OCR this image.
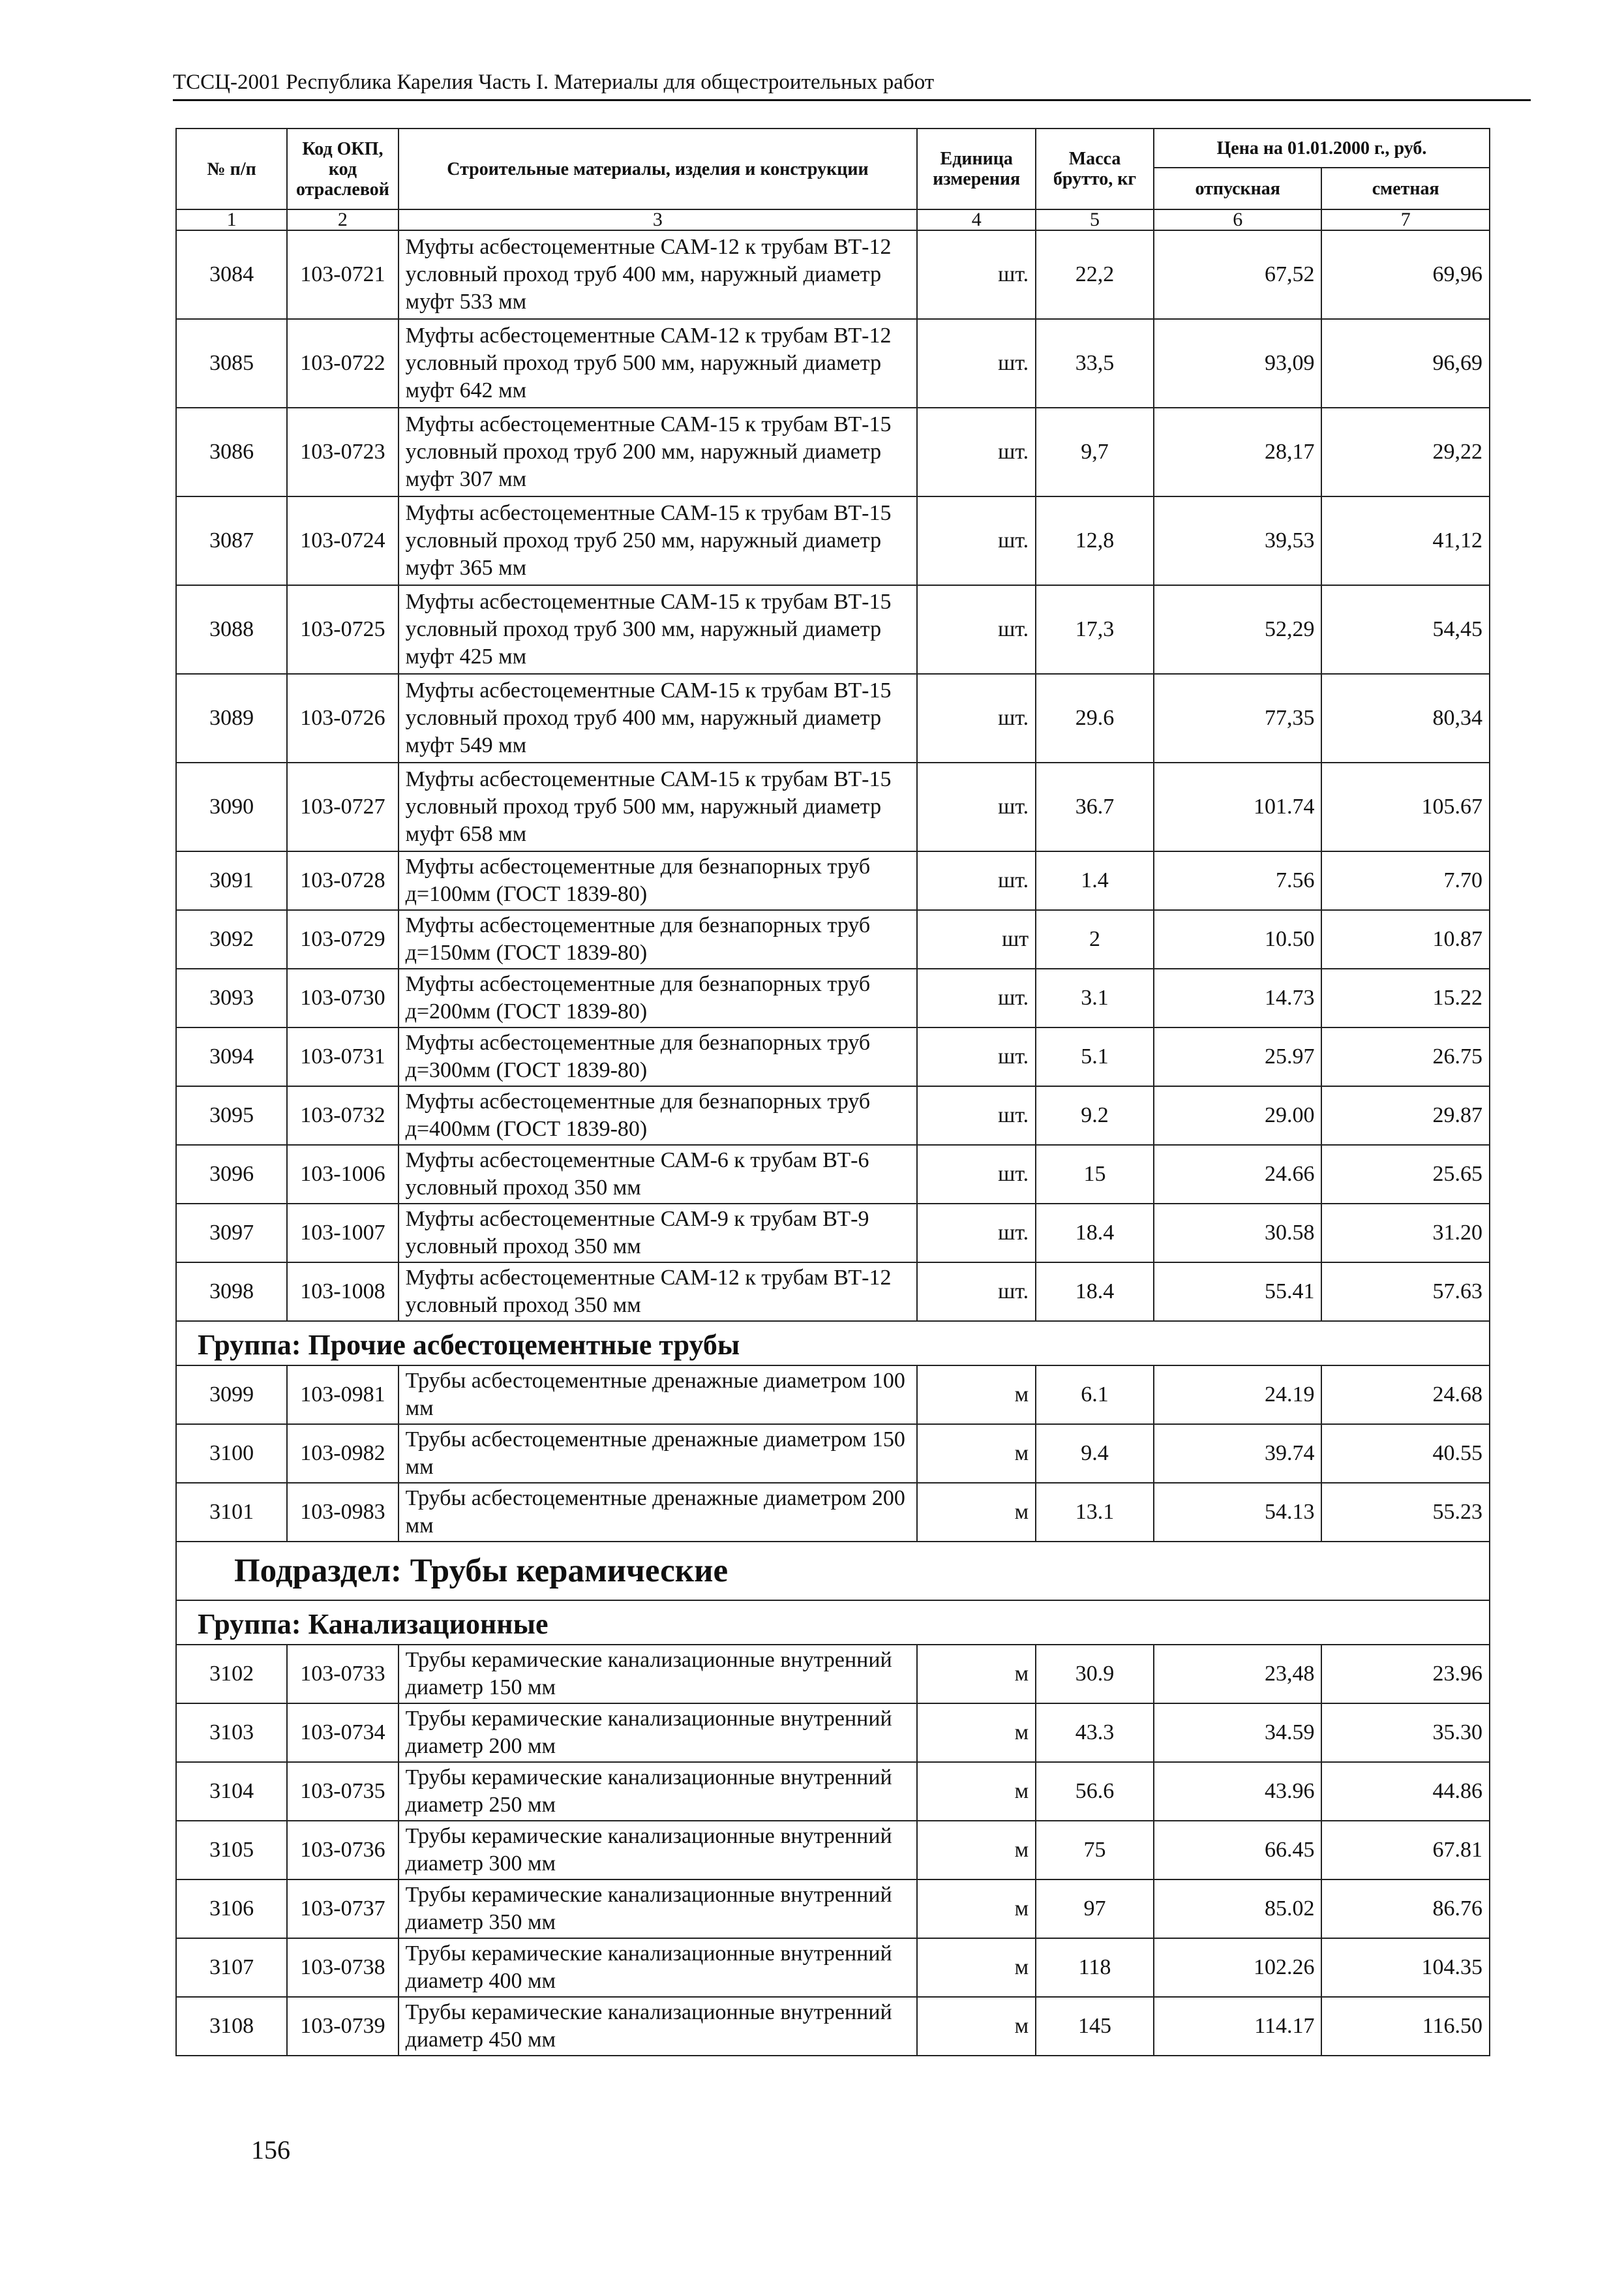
ТССЦ-2001 Республика Карелия Часть I. Материалы для общестроительных работ
№ п/п	Код ОКП, код отраслевой	Строительные материалы, изделия и конструкции	Единица измерения	Масса брутто, кг	Цена на 01.01.2000 г., руб.	
					отпускная	сметная
1	2	3	4	5	6	7
3084	103-0721	Муфты асбестоцементные САМ-12 к трубам ВТ-12 условный проход труб 400 мм, наружный диаметр муфт 533 мм	шт.	22,2	67,52	69,96
3085	103-0722	Муфты асбестоцементные САМ-12 к трубам ВТ-12 условный проход труб 500 мм, наружный диаметр муфт 642 мм	шт.	33,5	93,09	96,69
3086	103-0723	Муфты асбестоцементные САМ-15 к трубам ВТ-15 условный проход труб 200 мм, наружный диаметр муфт 307 мм	шт.	9,7	28,17	29,22
3087	103-0724	Муфты асбестоцементные САМ-15 к трубам ВТ-15 условный проход труб 250 мм, наружный диаметр муфт 365 мм	шт.	12,8	39,53	41,12
3088	103-0725	Муфты асбестоцементные САМ-15 к трубам ВТ-15 условный проход труб 300 мм, наружный диаметр муфт 425 мм	шт.	17,3	52,29	54,45
3089	103-0726	Муфты асбестоцементные САМ-15 к трубам ВТ-15 условный проход труб 400 мм, наружный диаметр муфт 549 мм	шт.	29.6	77,35	80,34
3090	103-0727	Муфты асбестоцементные САМ-15 к трубам ВТ-15 условный проход труб 500 мм, наружный диаметр муфт 658 мм	шт.	36.7	101.74	105.67
3091	103-0728	Муфты асбестоцементные для безнапорных труб д=100мм (ГОСТ 1839-80)	шт.	1.4	7.56	7.70
3092	103-0729	Муфты асбестоцементные для безнапорных труб д=150мм (ГОСТ 1839-80)	шт	2	10.50	10.87
3093	103-0730	Муфты асбестоцементные для безнапорных труб д=200мм (ГОСТ 1839-80)	шт.	3.1	14.73	15.22
3094	103-0731	Муфты асбестоцементные для безнапорных труб д=300мм (ГОСТ 1839-80)	шт.	5.1	25.97	26.75
3095	103-0732	Муфты асбестоцементные для безнапорных труб д=400мм (ГОСТ 1839-80)	шт.	9.2	29.00	29.87
3096	103-1006	Муфты асбестоцементные САМ-6 к трубам ВТ-6 условный проход 350 мм	шт.	15	24.66	25.65
3097	103-1007	Муфты асбестоцементные САМ-9 к трубам ВТ-9 условный проход 350 мм	шт.	18.4	30.58	31.20
3098	103-1008	Муфты асбестоцементные САМ-12 к трубам ВТ-12 условный проход 350 мм	шт.	18.4	55.41	57.63
Группа: Прочие асбестоцементные трубы						
3099	103-0981	Трубы асбестоцементные дренажные диаметром 100 мм	м	6.1	24.19	24.68
3100	103-0982	Трубы асбестоцементные дренажные диаметром 150 мм	м	9.4	39.74	40.55
3101	103-0983	Трубы асбестоцементные дренажные диаметром 200 мм	м	13.1	54.13	55.23
Подраздел: Трубы керамические						
Группа: Канализационные						
3102	103-0733	Трубы керамические канализационные внутренний диаметр 150 мм	м	30.9	23,48	23.96
3103	103-0734	Трубы керамические канализационные внутренний диаметр 200 мм	м	43.3	34.59	35.30
3104	103-0735	Трубы керамические канализационные внутренний диаметр 250 мм	м	56.6	43.96	44.86
3105	103-0736	Трубы керамические канализационные внутренний диаметр 300 мм	м	75	66.45	67.81
3106	103-0737	Трубы керамические канализационные внутренний диаметр 350 мм	м	97	85.02	86.76
3107	103-0738	Трубы керамические канализационные внутренний диаметр 400 мм	м	118	102.26	104.35
3108	103-0739	Трубы керамические канализационные внутренний диаметр 450 мм	м	145	114.17	116.50
156
